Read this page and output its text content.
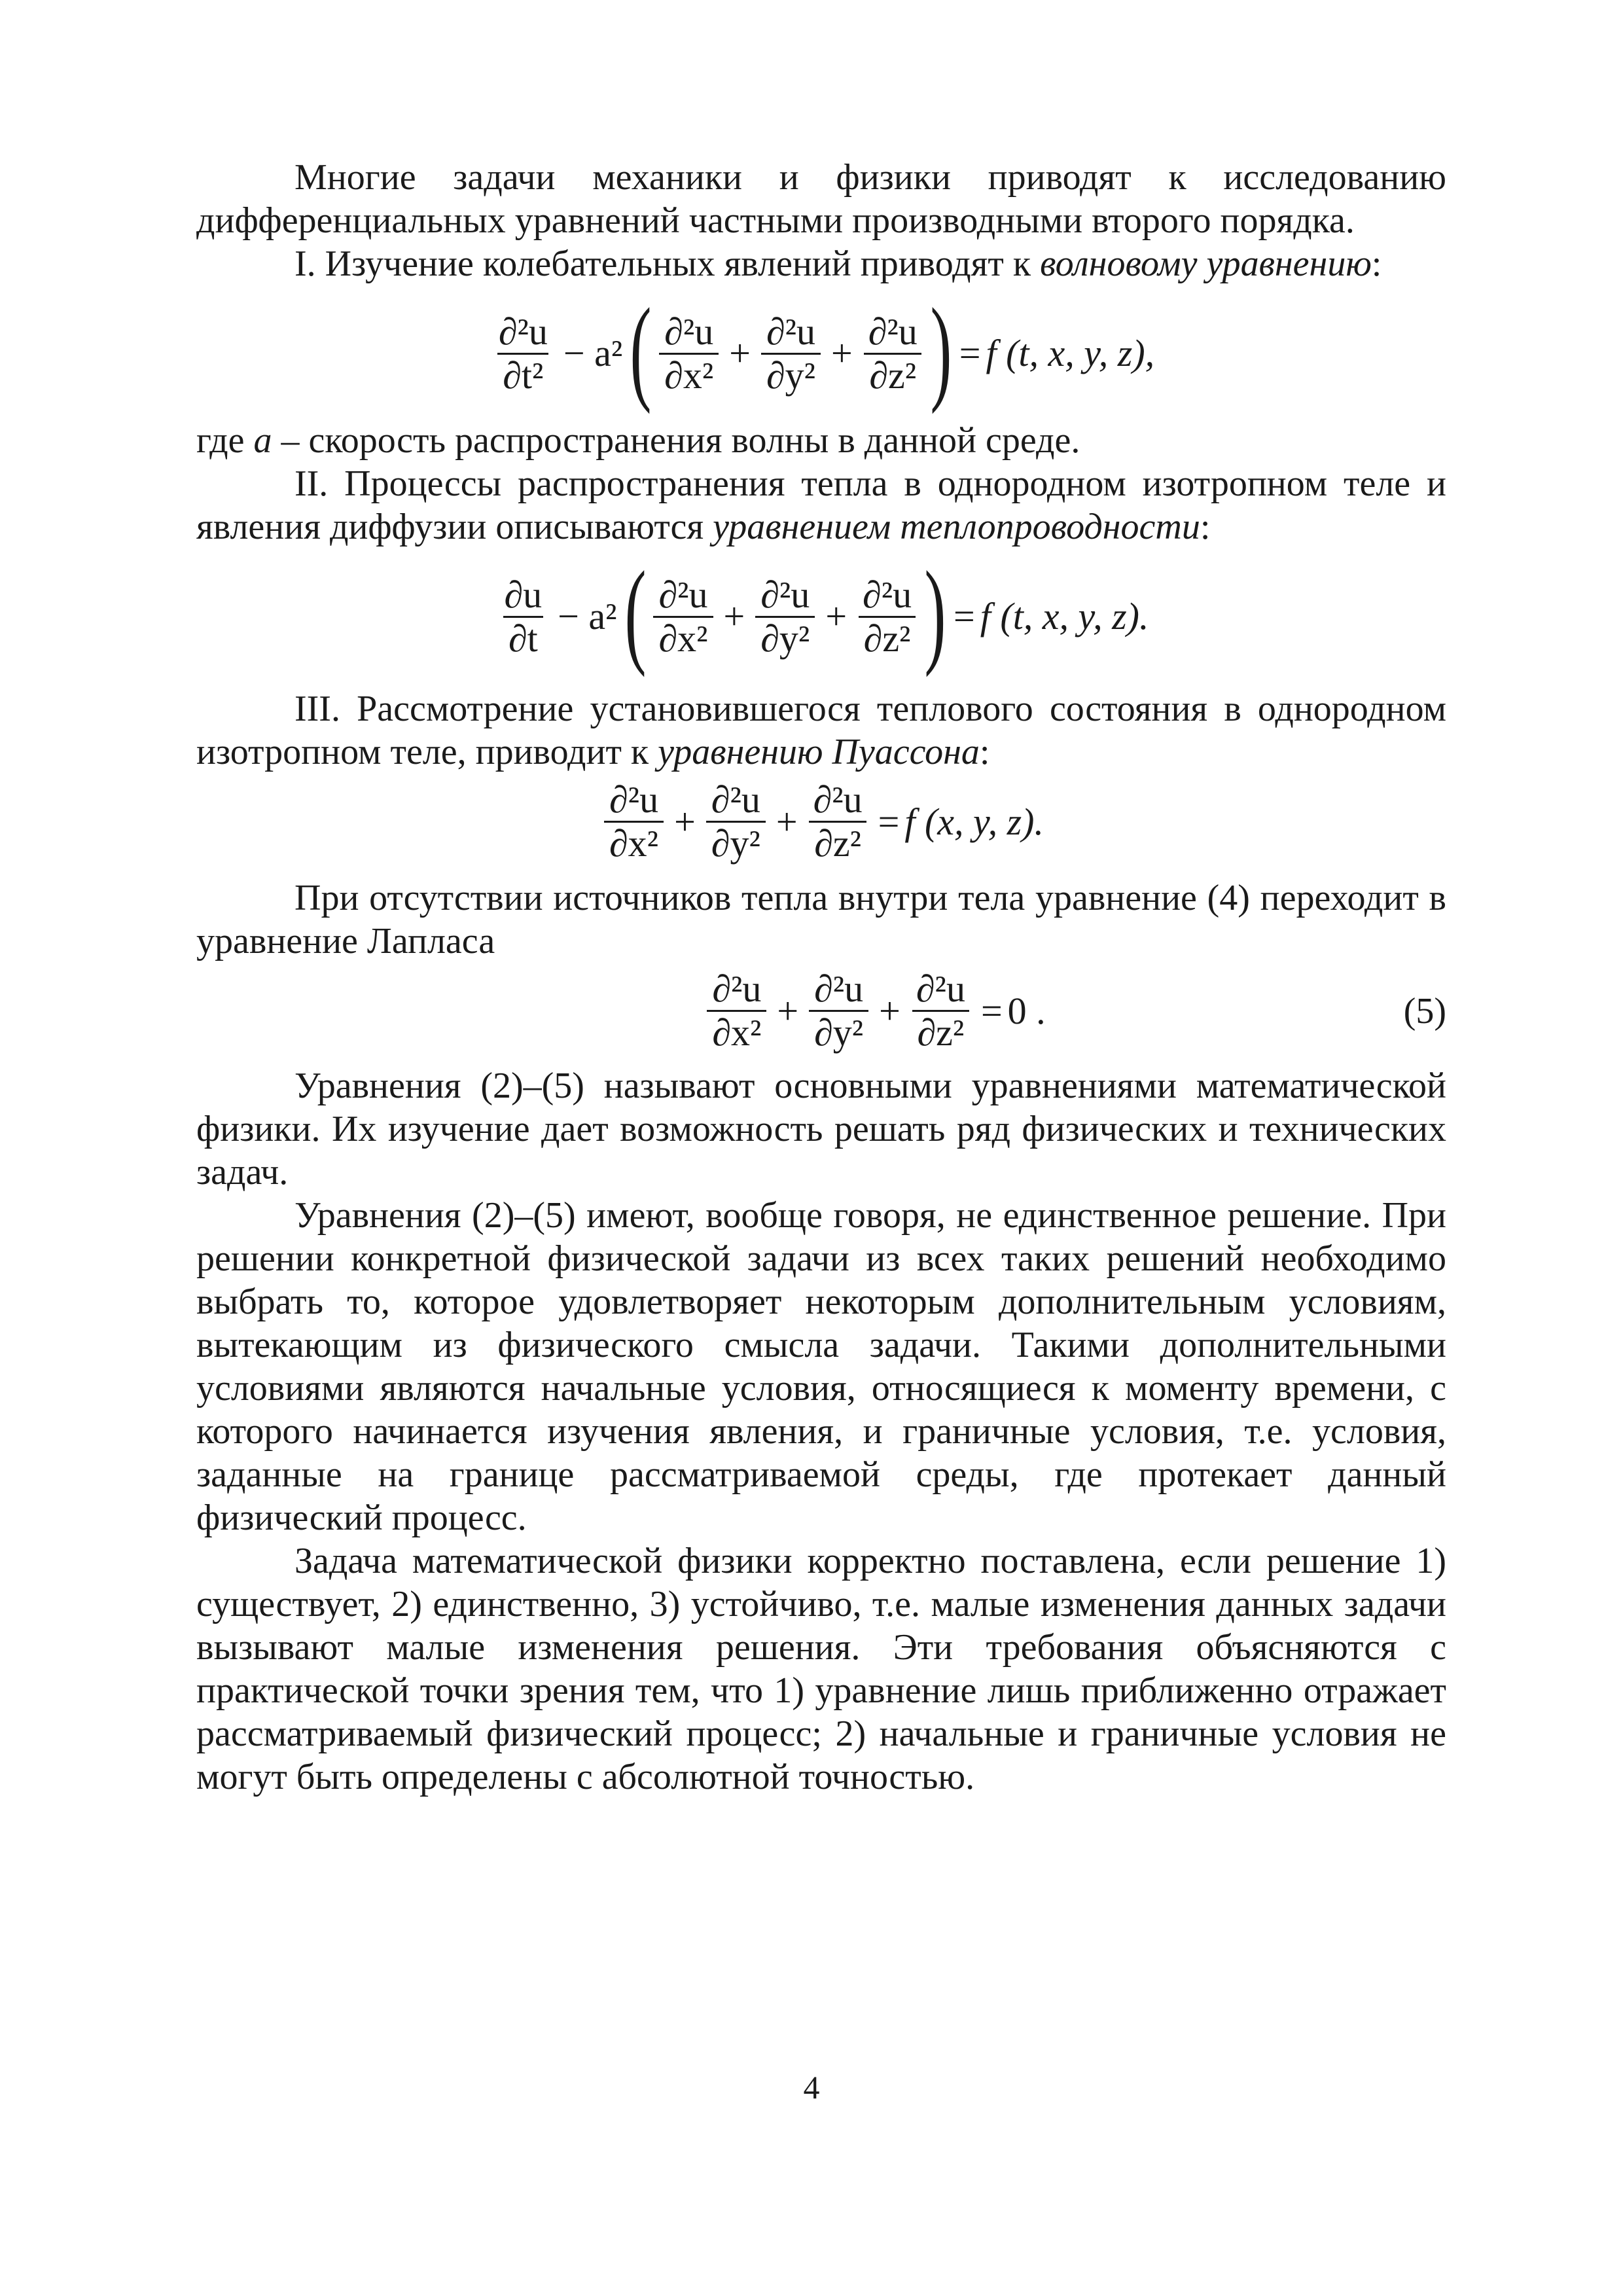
Многие задачи механики и физики приводят к исследованию дифференциальных уравнений частными производными второго порядка.

I. Изучение колебательных явлений приводят к волновому уравнению:

$\frac{\text{∂²u}}{\text{∂t²}} - a^2$ ( $\frac{\text{∂²u}}{\text{∂x²}} + \frac{\text{∂²u}}{\text{∂y²}} + \frac{\text{∂²u}}{\text{∂z²}}$ ) = f (t, x, y, z),

где a – скорость распространения волны в данной среде.

II. Процессы распространения тепла в однородном изотропном теле и явления диффузии описываются уравнением теплопроводности:

$\frac{\partial u}{\partial t} - a^2$ ( $\frac{\text{∂²u}}{\text{∂x²}} + \frac{\text{∂²u}}{\text{∂y²}} + \frac{\text{∂²u}}{\text{∂z²}}$ ) = f (t, x, y, z).

III. Рассмотрение установившегося теплового состояния в однородном изотропном теле, приводит к уравнению Пуассона:

$\frac{\text{∂²u}}{\text{∂x²}} + \frac{\text{∂²u}}{\text{∂y²}} + \frac{\text{∂²u}}{\text{∂z²}} = f$ (x, y, z).

При отсутствии источников тепла внутри тела уравнение (4) переходит в уравнение Лапласа

$\frac{\text{∂²u}}{\text{∂x²}} + \frac{\text{∂²u}}{\text{∂y²}} + \frac{\text{∂²u}}{\text{∂z²}} = 0$ .	(5)

Уравнения (2)–(5) называют основными уравнениями математической физики. Их изучение дает возможность решать ряд физических и технических задач.

Уравнения (2)–(5) имеют, вообще говоря, не единственное решение. При решении конкретной физической задачи из всех таких решений необходимо выбрать то, которое удовлетворяет некоторым дополнительным условиям, вытекающим из физического смысла задачи. Такими дополнительными условиями являются начальные условия, относящиеся к моменту времени, с которого начинается изучения явления, и граничные условия, т.е. условия, заданные на границе рассматриваемой среды, где протекает данный физический процесс.

Задача математической физики корректно поставлена, если решение 1) существует, 2) единственно, 3) устойчиво, т.е. малые изменения данных задачи вызывают малые изменения решения. Эти требования объясняются с практической точки зрения тем, что 1) уравнение лишь приближенно отражает рассматриваемый физический процесс; 2) начальные и граничные условия не могут быть определены с абсолютной точностью.

4
